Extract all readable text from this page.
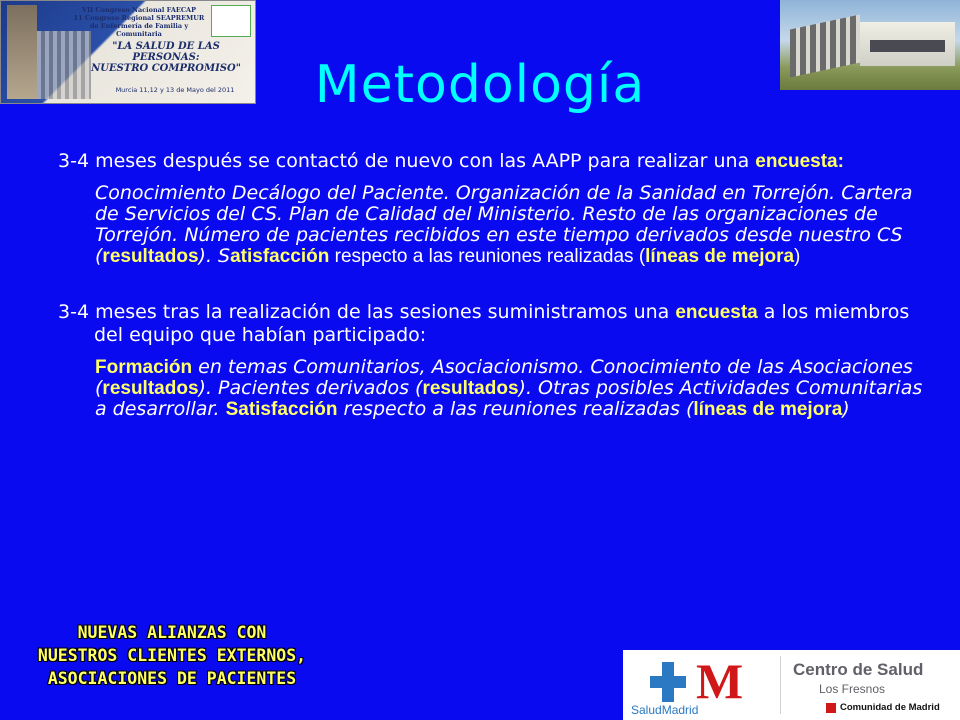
VII Congreso Nacional FAECAP
11 Congreso Regional SEAPREMUR
de Enfermería de Familia y Comunitaria
"LA SALUD DE LAS PERSONAS:
NUESTRO COMPROMISO"
Murcia 11,12 y 13 de Mayo del 2011	Metodología

3-4 meses después se contactó de nuevo con las AAPP para realizar una encuesta:

Conocimiento Decálogo del Paciente. Organización de la Sanidad en Torrejón. Cartera de Servicios del CS. Plan de Calidad del Ministerio. Resto de las organizaciones de Torrejón. Número de pacientes recibidos en este tiempo derivados desde nuestro CS (resultados). Satisfacción respecto a las reuniones realizadas (líneas de mejora)

3-4 meses tras la realización de las sesiones suministramos una encuesta a los miembros del equipo que habían participado:

Formación en temas Comunitarios, Asociacionismo. Conocimiento de las Asociaciones (resultados). Pacientes derivados (resultados). Otras posibles Actividades Comunitarias a desarrollar. Satisfacción respecto a las reuniones realizadas (líneas de mejora)

NUEVAS ALIANZAS CON
NUESTROS CLIENTES EXTERNOS,
ASOCIACIONES DE PACIENTES	M
SaludMadrid
Centro de Salud
Los Fresnos
Comunidad de Madrid
